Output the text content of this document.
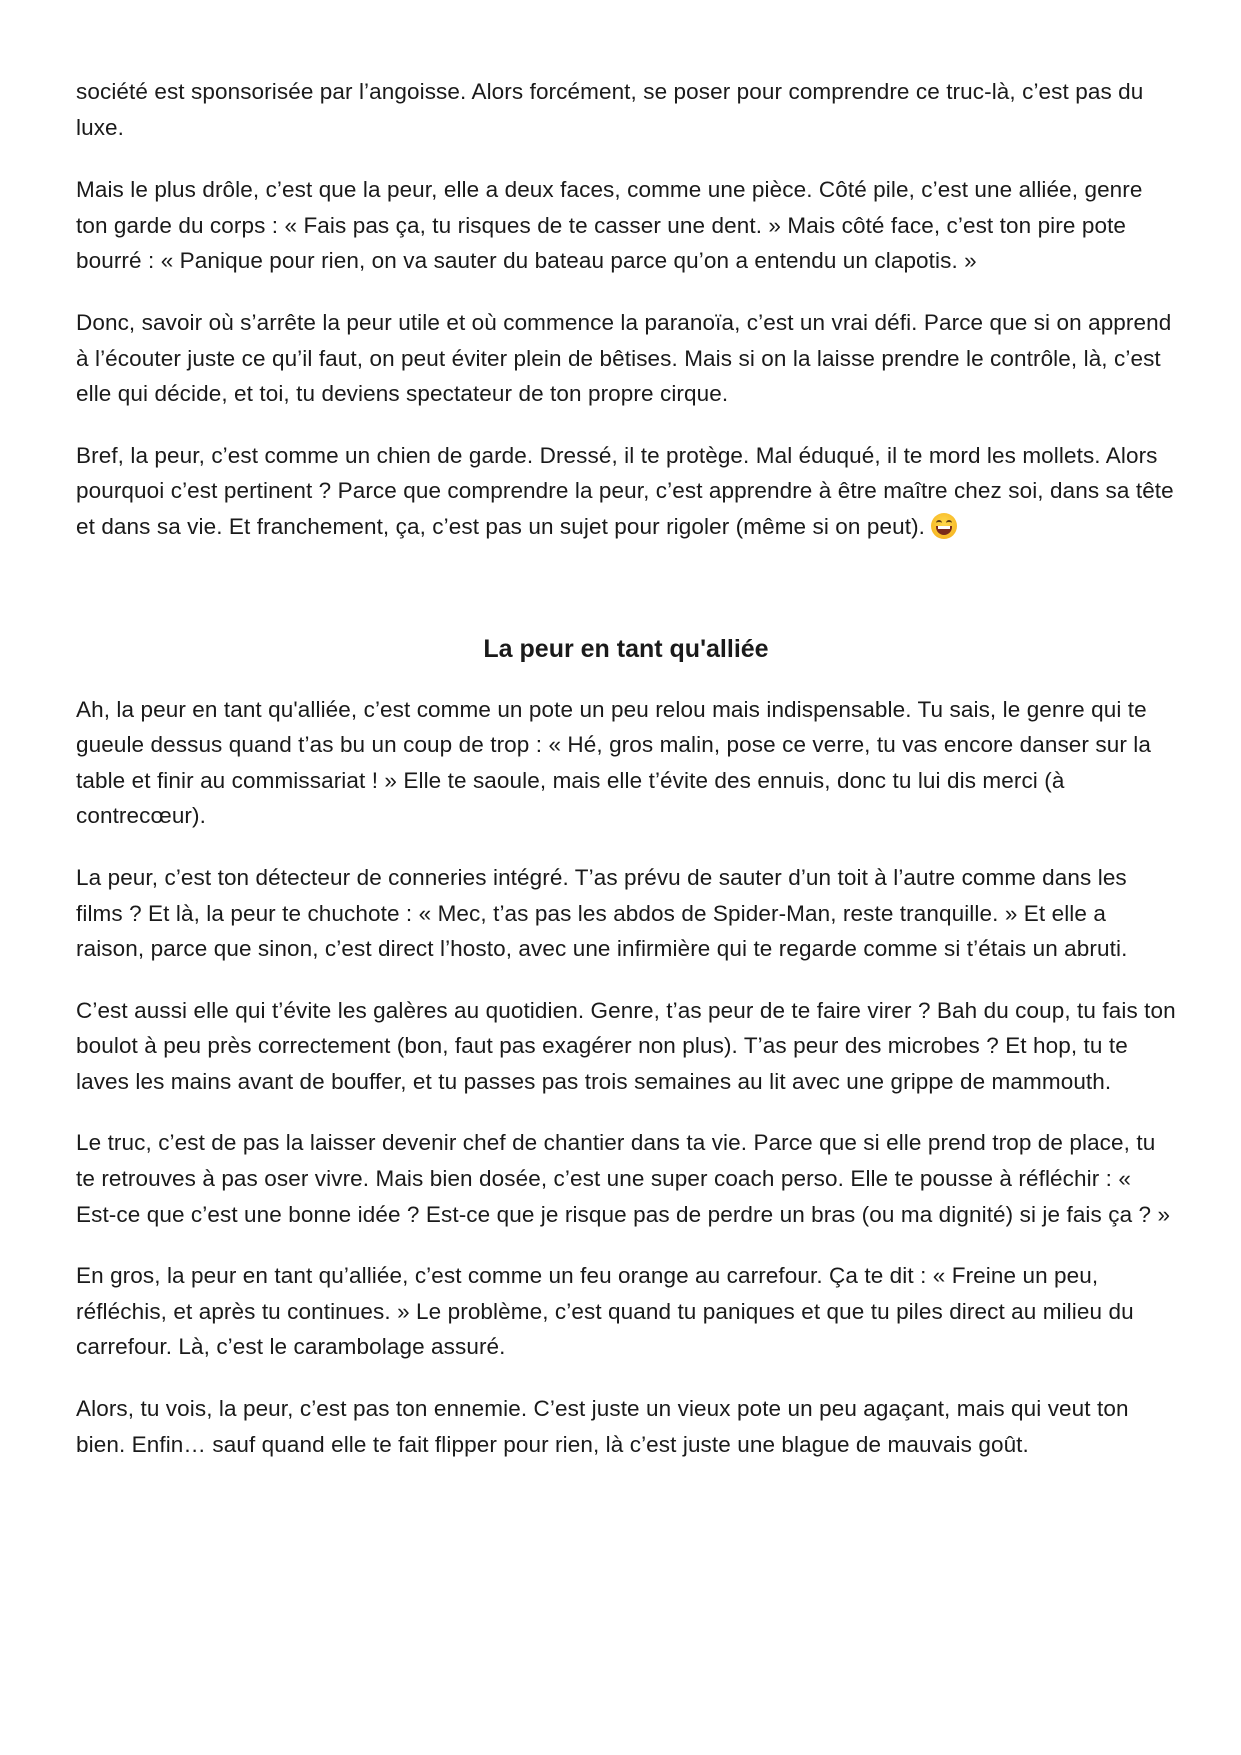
société est sponsorisée par l’angoisse. Alors forcément, se poser pour comprendre ce truc-là, c’est pas du luxe.

Mais le plus drôle, c’est que la peur, elle a deux faces, comme une pièce. Côté pile, c’est une alliée, genre ton garde du corps : « Fais pas ça, tu risques de te casser une dent. » Mais côté face, c’est ton pire pote bourré : « Panique pour rien, on va sauter du bateau parce qu’on a entendu un clapotis. »

Donc, savoir où s’arrête la peur utile et où commence la paranoïa, c’est un vrai défi. Parce que si on apprend à l’écouter juste ce qu’il faut, on peut éviter plein de bêtises. Mais si on la laisse prendre le contrôle, là, c’est elle qui décide, et toi, tu deviens spectateur de ton propre cirque.

Bref, la peur, c’est comme un chien de garde. Dressé, il te protège. Mal éduqué, il te mord les mollets. Alors pourquoi c’est pertinent ? Parce que comprendre la peur, c’est apprendre à être maître chez soi, dans sa tête et dans sa vie. Et franchement, ça, c’est pas un sujet pour rigoler (même si on peut).

La peur en tant qu'alliée

Ah, la peur en tant qu'alliée, c’est comme un pote un peu relou mais indispensable. Tu sais, le genre qui te gueule dessus quand t’as bu un coup de trop : « Hé, gros malin, pose ce verre, tu vas encore danser sur la table et finir au commissariat ! » Elle te saoule, mais elle t’évite des ennuis, donc tu lui dis merci (à contrecœur).

La peur, c’est ton détecteur de conneries intégré. T’as prévu de sauter d’un toit à l’autre comme dans les films ? Et là, la peur te chuchote : « Mec, t’as pas les abdos de Spider-Man, reste tranquille. » Et elle a raison, parce que sinon, c’est direct l’hosto, avec une infirmière qui te regarde comme si t’étais un abruti.

C’est aussi elle qui t’évite les galères au quotidien. Genre, t’as peur de te faire virer ? Bah du coup, tu fais ton boulot à peu près correctement (bon, faut pas exagérer non plus). T’as peur des microbes ? Et hop, tu te laves les mains avant de bouffer, et tu passes pas trois semaines au lit avec une grippe de mammouth.

Le truc, c’est de pas la laisser devenir chef de chantier dans ta vie. Parce que si elle prend trop de place, tu te retrouves à pas oser vivre. Mais bien dosée, c’est une super coach perso. Elle te pousse à réfléchir : « Est-ce que c’est une bonne idée ? Est-ce que je risque pas de perdre un bras (ou ma dignité) si je fais ça ? »

En gros, la peur en tant qu’alliée, c’est comme un feu orange au carrefour. Ça te dit : « Freine un peu, réfléchis, et après tu continues. » Le problème, c’est quand tu paniques et que tu piles direct au milieu du carrefour. Là, c’est le carambolage assuré.

Alors, tu vois, la peur, c’est pas ton ennemie. C’est juste un vieux pote un peu agaçant, mais qui veut ton bien. Enfin… sauf quand elle te fait flipper pour rien, là c’est juste une blague de mauvais goût.
